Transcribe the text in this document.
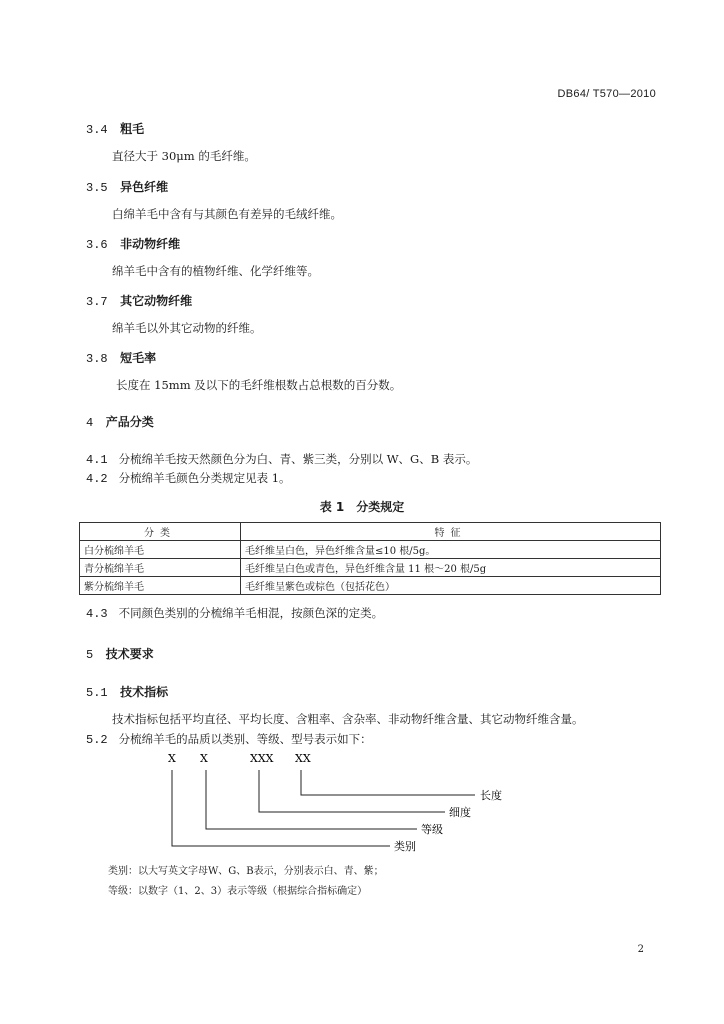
DB64/ T570—2010
3.4 粗毛
直径大于 30μm 的毛纤维。
3.5 异色纤维
白绵羊毛中含有与其颜色有差异的毛绒纤维。
3.6 非动物纤维
绵羊毛中含有的植物纤维、化学纤维等。
3.7 其它动物纤维
绵羊毛以外其它动物的纤维。
3.8 短毛率
长度在 15mm 及以下的毛纤维根数占总根数的百分数。
4 产品分类
4.1 分梳绵羊毛按天然颜色分为白、青、紫三类，分别以 W、G、B 表示。
4.2 分梳绵羊毛颜色分类规定见表 1。
表 1　分类规定
分类	特征
白分梳绵羊毛	毛纤维呈白色，异色纤维含量≤10 根/5g。
青分梳绵羊毛	毛纤维呈白色或青色，异色纤维含量 11 根～20 根/5g
紫分梳绵羊毛	毛纤维呈紫色或棕色（包括花色）
4.3 不同颜色类别的分梳绵羊毛相混，按颜色深的定类。
5 技术要求
5.1 技术指标
技术指标包括平均直径、平均长度、含粗率、含杂率、非动物纤维含量、其它动物纤维含量。
5.2 分梳绵羊毛的品质以类别、等级、型号表示如下：
X X	XXX XX
长度
细度
等级
类别
类别：以大写英文字母W、G、B表示，分别表示白、青、紫；
等级：以数字（1、2、3）表示等级（根据综合指标确定）
2
